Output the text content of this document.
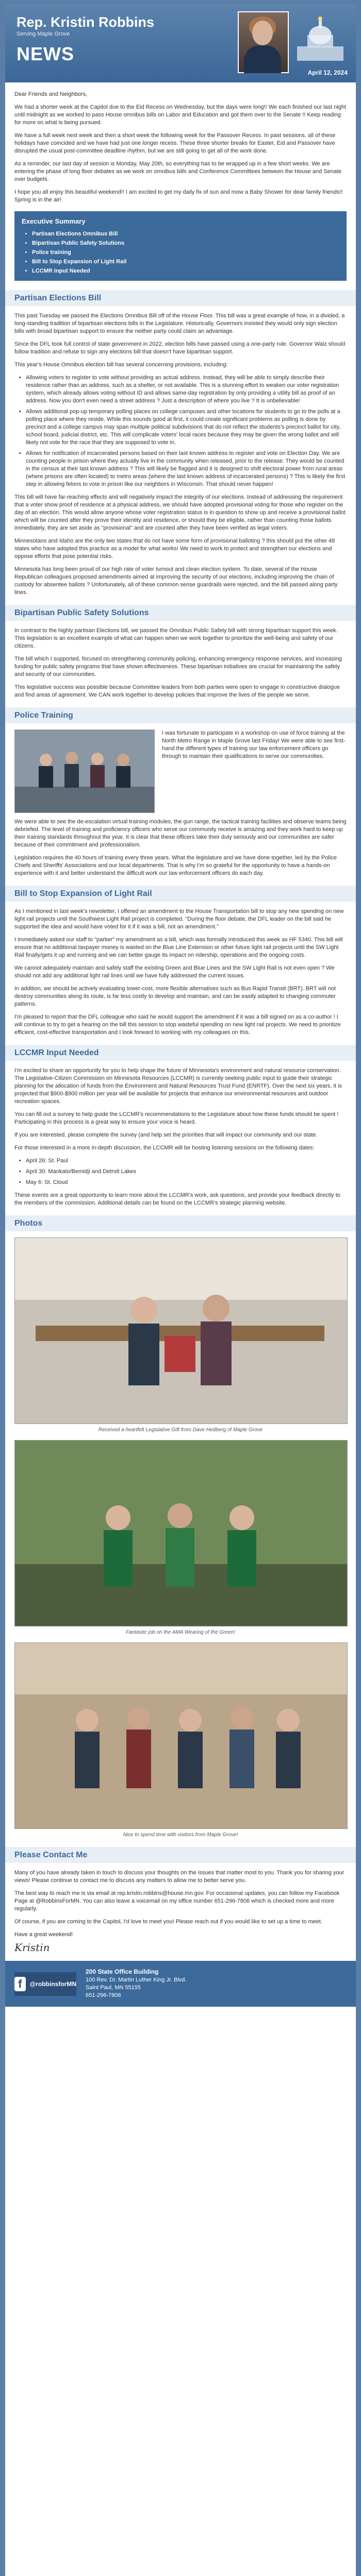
Rep. Kristin Robbins
Serving Maple Grove
NEWS
April 12, 2024

Dear Friends and Neighbors,

We had a shorter week at the Capitol due to the Eid Recess on Wednesday, but the days were long!! We each finished our last night until midnight as we worked to pass House omnibus bills on Labor and Education and got them over to the Senate !! Keep reading for more on what is being pursued.

We have a full week next week and then a short week the following week for the Passover Recess. In past sessions, all of these holidays have coincided and we have had just one longer recess. These three shorter breaks for Easter, Eid and Passover have disrupted the usual post-committee deadline rhythm, but we are still going to get all of the work done.

As a reminder, our last day of session is Monday, May 20th, so everything has to be wrapped up in a few short weeks. We are entering the phase of long floor debates as we work on omnibus bills and Conference Committees between the House and Senate over budgets.

I hope you all enjoy this beautiful weekend!! I am excited to get my daily fix of sun and mow a Baby Shower for dear family friends!! Spring is in the air!

Executive Summary
• Partisan Elections Omnibus Bill
• Bipartisan Public Safety Solutions
• Police training
• Bill to Stop Expansion of Light Rail
• LCCMR Input Needed
Partisan Elections Bill

This past Tuesday we passed the Elections Omnibus Bill off of the House Floor. This bill was a great example of how, in a divided, a long-standing tradition of bipartisan elections bills in the Legislature. Historically, Governors insisted they would only sign election bills with broad bipartisan support to ensure the neither party could claim an advantage.

Since the DFL took full control of state government in 2022, election bills have passed using a one-party rule. Governor Walz should follow tradition and refuse to sign any elections bill that doesn't have bipartisan support.

This year's House Omnibus election bill has several concerning provisions, including:

• Allowing voters to register to vote without providing an actual address. Instead, they will be able to simply describe their residence rather than an address, such as a shelter, or not available. This is a stunning effort to weaken our voter registration system, which already allows voting without ID and allows same-day registration by only providing a utility bill as proof of an address. Now you don't even need a street address ? Just a description of where you live ? It is unbelievable!
• Allows additional pop-up temporary polling places on college campuses and other locations for students to go to the polls at a polling place where they reside. While this sounds good at first, it could create significant problems as polling is done by precinct and a college campus may span multiple political subdivisions that do not reflect the students's precinct ballot for city, school board, judicial district, etc. This will complicate voters' local races because they may be given the wrong ballot and will likely not vote for the race that they are supposed to vote in.
• Allows for notification of incarcerated persons based on their last known address to register and vote on Election Day. We are counting people in prison where they actually live in the community when released, prior to the release. They would be counted in the census at their last known address ? This will likely be flagged and it is designed to shift electoral power from rural areas (where prisons are often located) to metro areas (where the last known address of incarcerated persons) ? This is likely the first step in allowing felons to vote in prison like our neighbors in Wisconsin. That should never happen!

This bill will have far-reaching effects and will negatively impact the integrity of our elections. Instead of addressing the requirement that a voter show proof of residence at a physical address, we should have adopted provisional voting for those who register on the day of an election. This would allow anyone whose voter registration status is in question to show up and receive a provisional ballot which will be counted after they prove their identity and residence, or should they be eligible, rather than counting those ballots immediately, they are set aside as "provisional" and are counted after they have been verified as legal voters.

Minnesotans and Idaho are the only two states that do not have some form of provisional balloting ? this should put the other 48 states who have adopted this practice as a model for what works! We need to work to protect and strengthen our elections and oppose efforts that pose potential risks.

Minnesota has long been proud of our high rate of voter turnout and clean election system. To date, several of the House Republican colleagues proposed amendments aimed at improving the security of our elections, including improving the chain of custody for absentee ballots ? Unfortunately, all of these common sense guardrails were rejected, and the bill passed along party lines.

Bipartisan Public Safety Solutions

In contrast to the highly partisan Elections bill, we passed the Omnibus Public Safety bill with strong bipartisan support this week. This legislation is an excellent example of what can happen when we work together to prioritize the well-being and safety of our citizens.

The bill which I supported, focused on strengthening community policing, enhancing emergency response services, and increasing funding for public safety programs that have shown effectiveness. These bipartisan initiatives are crucial for maintaining the safety and security of our communities.

This legislative success was possible because Committee leaders from both parties were open to engage in constructive dialogue and find areas of agreement. We CAN work together to develop policies that improve the lives of the people we serve.

Police Training

I was fortunate to participate in a workshop on use of force training at the North Metro Range in Maple Grove last Friday! We were able to see first-hand the different types of training our law enforcement officers go through to maintain their qualifications to serve our communities.

We were able to see the de-escalation virtual training modules, the gun range, the tactical training facilities and observe teams being debriefed. The level of training and proficiency officers who serve our community receive is amazing and they work hard to keep up their training standards throughout the year. It is clear that these officers take their duty seriously and our communities are safer because of their commitment and professionalism.

Legislation requires the 40 hours of training every three years. What the legislature and we have done together, led by the Police Chiefs and Sheriffs' Associations and our local departments. That is why I'm so grateful for the opportunity to have a hands-on experience with it and better understand the difficult work our law enforcement officers do each day.

Bill to Stop Expansion of Light Rail

As I mentioned in last week's newsletter, I offered an amendment to the House Transportation bill to stop any new spending on new light rail projects until the Southwest Light Rail project is completed. "During the floor debate, the DFL leader on the bill said he supported the idea and would have voted for it if it was a bill, not an amendment."

I immediately asked our staff to "parker" my amendment as a bill, which was formally introduced this week as HF 5340. This bill will ensure that no additional taxpayer money is wasted on the Blue Line Extension or other future light rail projects until the SW Light Rail finally/gets it up and running and we can better gauge its impact on ridership, operations and the ongoing costs.

We cannot adequately maintain and safely staff the existing Green and Blue Lines and the SW Light Rail is not even open ? We should not add any additional light rail lines until we have fully addressed the current issues.

In addition, we should be actively evaluating lower-cost, more flexible alternatives such as Bus Rapid Transit (BRT). BRT will not destroy communities along its route, is far less costly to develop and maintain, and can be easily adapted to changing commuter patterns.

I'm pleased to report that the DFL colleague who said he would support the amendment if it was a bill signed on as a co-author ! I will continue to try to get a hearing on the bill this session to stop wasteful spending on new light rail projects. We need to prioritize efficient, cost-effective transportation and I look forward to working with my colleagues on this.

LCCMR Input Needed

I'm excited to share an opportunity for you to help shape the future of Minnesota's environment and natural resource conservation. The Legislative-Citizen Commission on Minnesota Resources (LCCMR) is currently seeking public input to guide their strategic planning for the allocation of funds from the Environment and Natural Resources Trust Fund (ENRTF). Over the next six years, it is projected that $900-$900 million per year will be available for projects that enhance our environmental resources and outdoor recreation spaces.

You can fill out a survey to help guide the LCCMR's recommendations to the Legislature about how these funds should be spent ! Participating in this process is a great way to ensure your voice is heard.

If you are interested, please complete the survey (and help set the priorities that will impact our community and our state.

For those interested in a more in-depth discussion, the LCCMR will be hosting listening sessions on the following dates:

• April 26: St. Paul
• April 30: Mankato/Bemidji and Detroit Lakes
• May 6: St. Cloud

These events are a great opportunity to learn more about the LCCMR's work, ask questions, and provide your feedback directly to the members of the commission. Additional details can be found on the LCCMR's strategic planning website.

Photos
Received a heartfelt Legislative Gift from Dave Hedberg of Maple Grove
Fantastic job on the AMA Wearing of the Green!
Nice to spend time with visitors from Maple Grove!
Please Contact Me

Many of you have already taken in touch to discuss your thoughts on the issues that matter most to you. Thank you for sharing your views! Please continue to contact me to discuss any matters to allow me to better serve you.

The best way to reach me is via email at rep.kristin.robbins@house.mn.gov. For occasional updates, you can follow my Facebook Page at @RobbinsForMN. You can also leave a voicemail on my office number 651-296-7806 which is checked more and more regularly.

Of course, if you are coming to the Capitol, I'd love to meet you! Please reach out if you would like to set up a time to meet.

Have a great weekend!

Kristin
f	@robbinsforMN
200 State Office Building
100 Rev. Dr. Martin Luther King Jr. Blvd.
Saint Paul, MN 55155
651-296-7806
